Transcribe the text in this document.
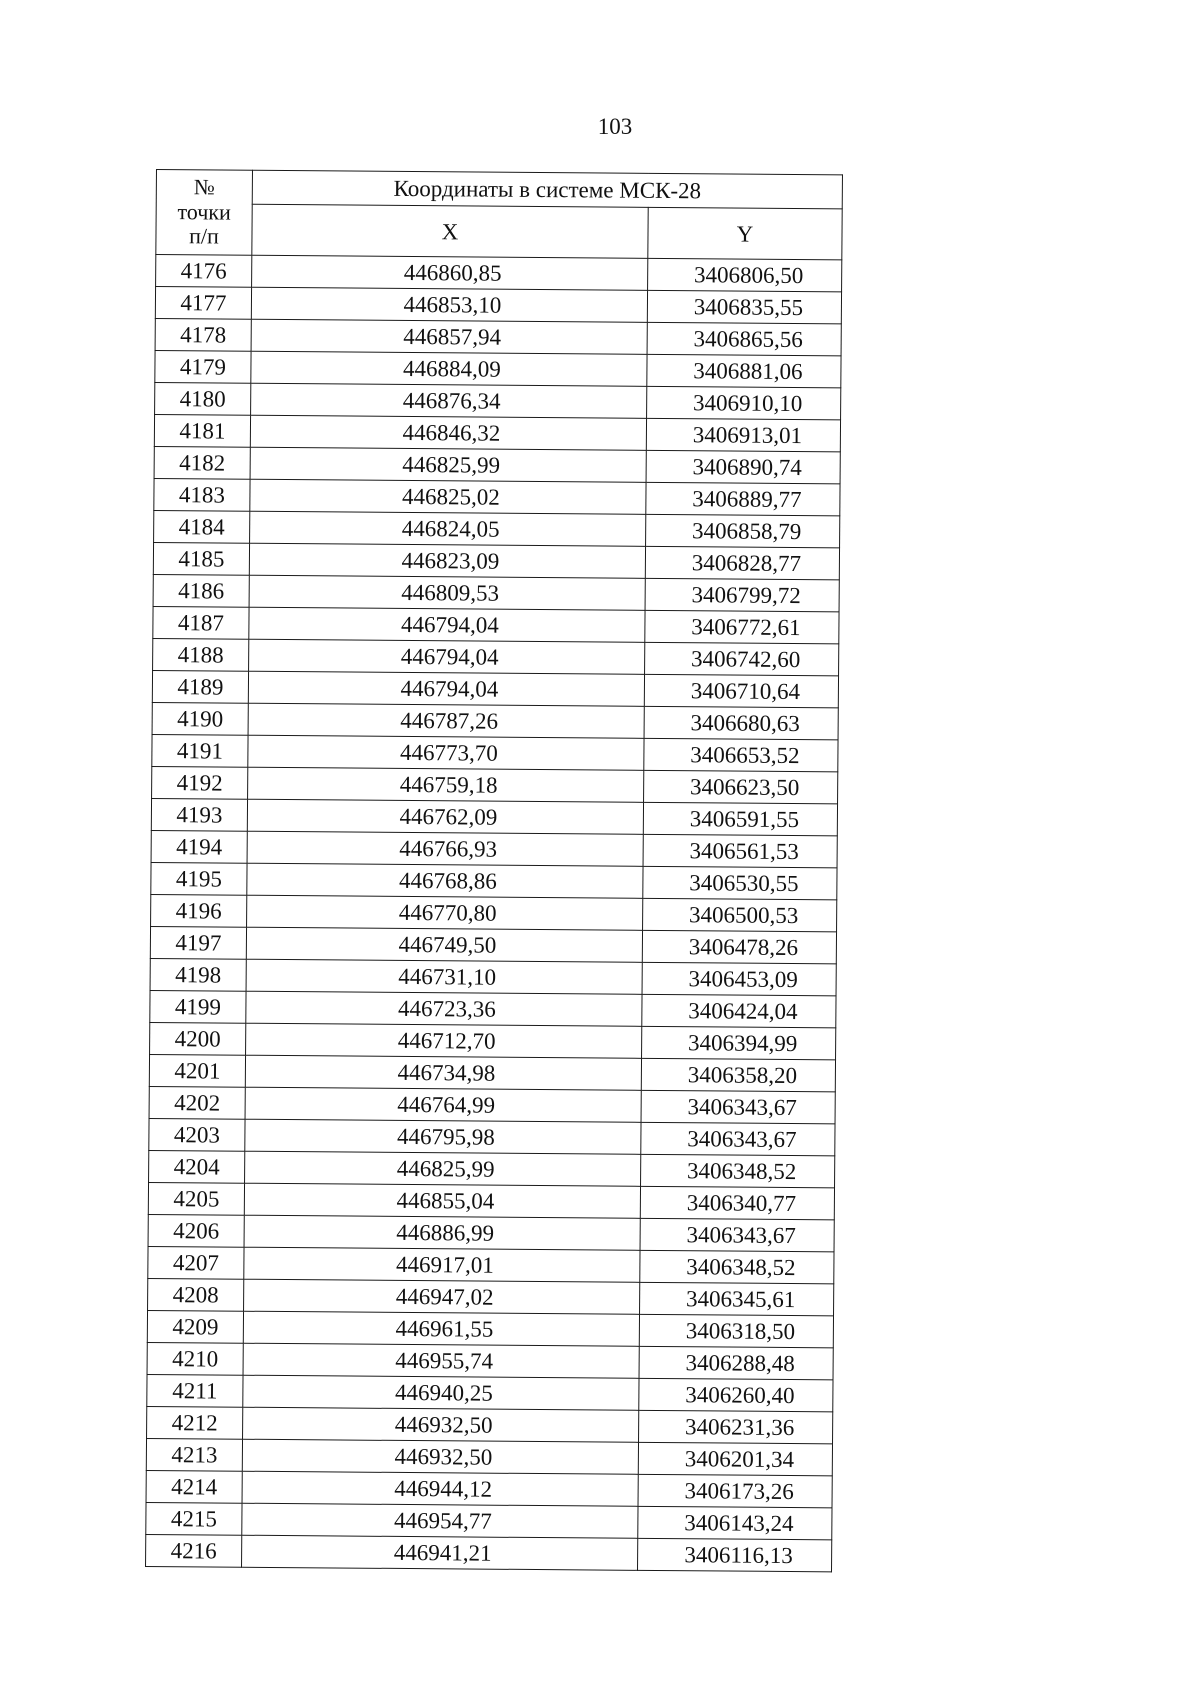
103
№
точки
п/п	Координаты в системе МСК-28	
	X	Y
4176	446860,85	3406806,50
4177	446853,10	3406835,55
4178	446857,94	3406865,56
4179	446884,09	3406881,06
4180	446876,34	3406910,10
4181	446846,32	3406913,01
4182	446825,99	3406890,74
4183	446825,02	3406889,77
4184	446824,05	3406858,79
4185	446823,09	3406828,77
4186	446809,53	3406799,72
4187	446794,04	3406772,61
4188	446794,04	3406742,60
4189	446794,04	3406710,64
4190	446787,26	3406680,63
4191	446773,70	3406653,52
4192	446759,18	3406623,50
4193	446762,09	3406591,55
4194	446766,93	3406561,53
4195	446768,86	3406530,55
4196	446770,80	3406500,53
4197	446749,50	3406478,26
4198	446731,10	3406453,09
4199	446723,36	3406424,04
4200	446712,70	3406394,99
4201	446734,98	3406358,20
4202	446764,99	3406343,67
4203	446795,98	3406343,67
4204	446825,99	3406348,52
4205	446855,04	3406340,77
4206	446886,99	3406343,67
4207	446917,01	3406348,52
4208	446947,02	3406345,61
4209	446961,55	3406318,50
4210	446955,74	3406288,48
4211	446940,25	3406260,40
4212	446932,50	3406231,36
4213	446932,50	3406201,34
4214	446944,12	3406173,26
4215	446954,77	3406143,24
4216	446941,21	3406116,13
